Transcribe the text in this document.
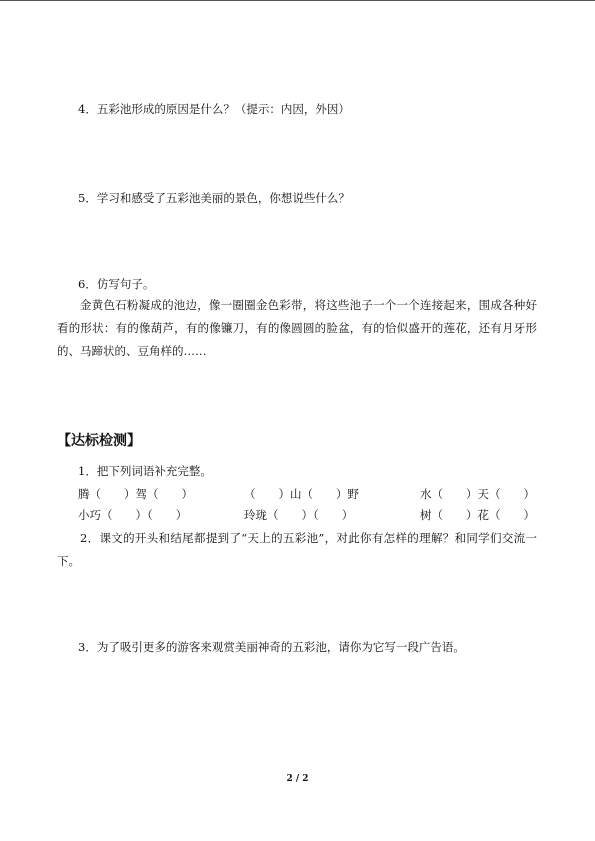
4．五彩池形成的原因是什么？（提示：内因，外因）
5．学习和感受了五彩池美丽的景色，你想说些什么？
6．仿写句子。
金黄色石粉凝成的池边，像一圈圈金色彩带，将这些池子一个一个连接起来，围成各种好看的形状：有的像葫芦，有的像镰刀，有的像圆圆的脸盆，有的恰似盛开的莲花，还有月牙形的、马蹄状的、豆角样的……
【达标检测】
1．把下列词语补充完整。
腾（　　）驾（　　）	（　　）山（　　）野	水（　　）天（　　）
小巧（　　）（　　）	玲珑（　　）（　　）	树（　　）花（　　）
2．课文的开头和结尾都提到了“天上的五彩池”，对此你有怎样的理解？和同学们交流一下。
3．为了吸引更多的游客来观赏美丽神奇的五彩池，请你为它写一段广告语。
2 / 2
